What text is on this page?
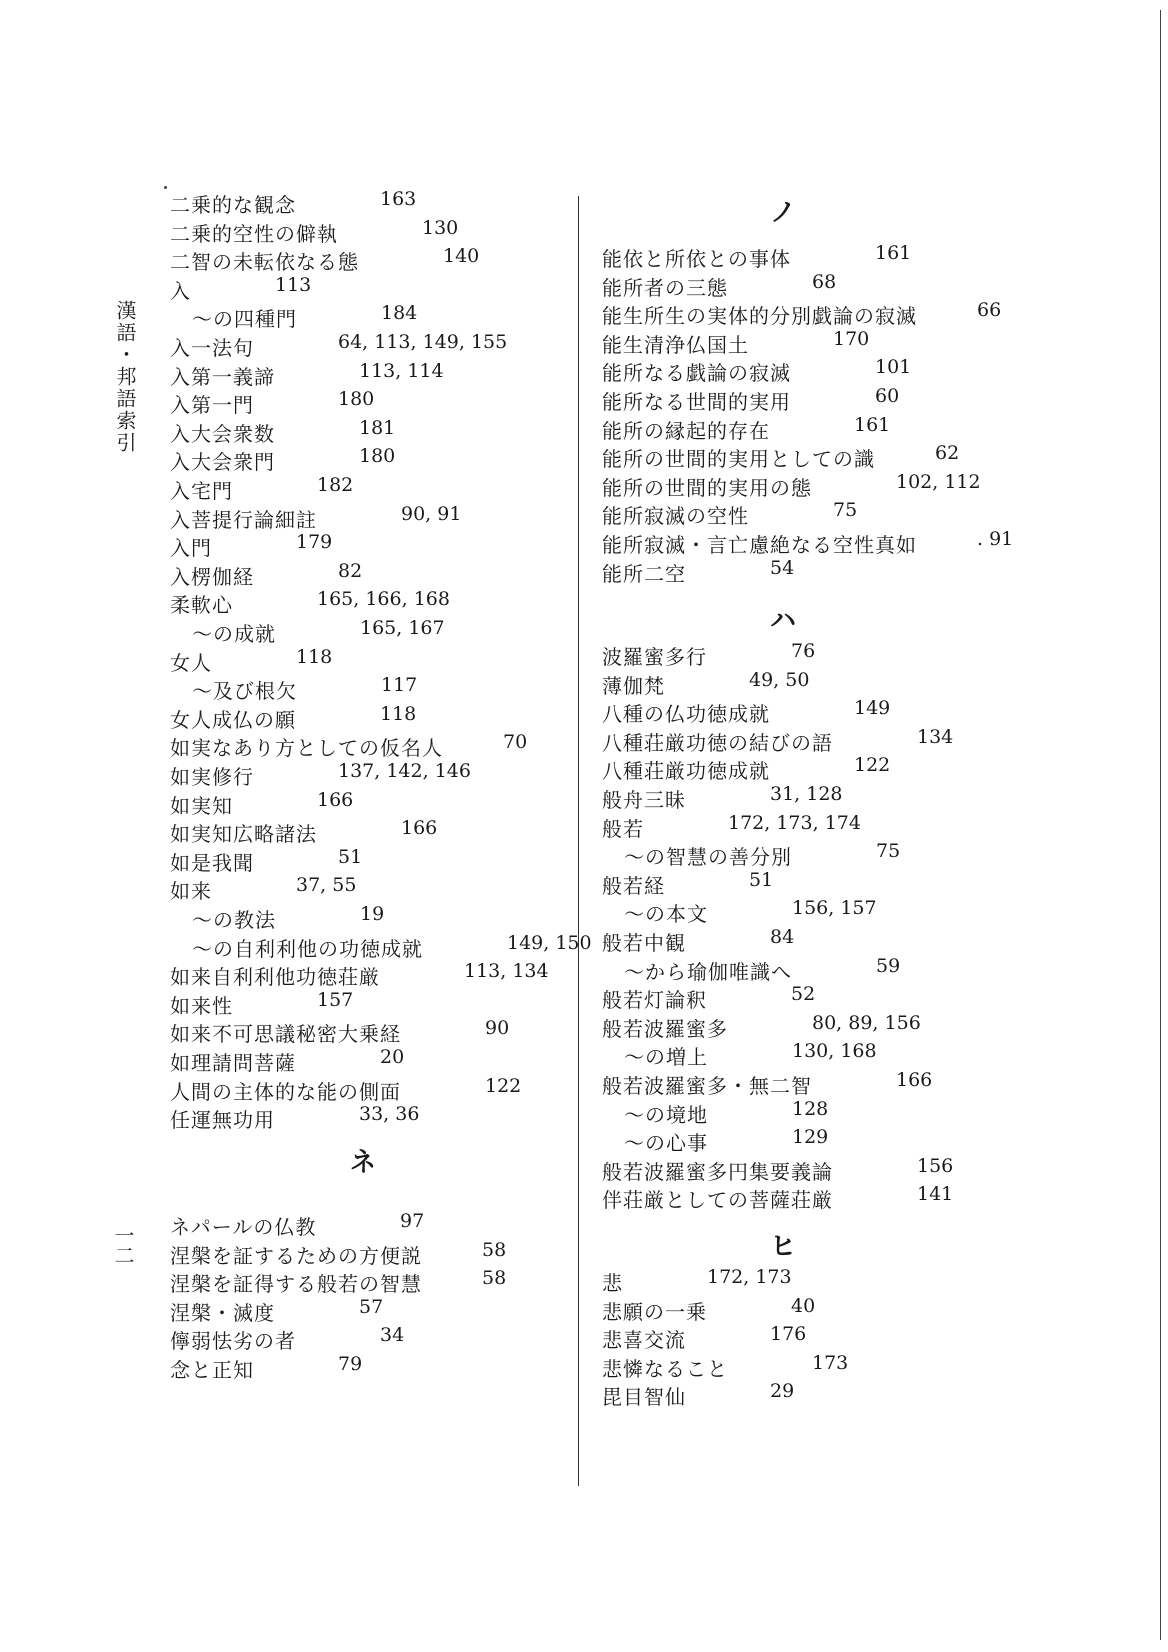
漢語・邦語索引
一二
ネ
二乗的な観念	163
二乗的空性の僻執	130
二智の未転依なる態	140
入	113
〜の四種門	184
入一法句	64, 113, 149, 155
入第一義諦	113, 114
入第一門	180
入大会衆数	181
入大会衆門	180
入宅門	182
入菩提行論細註	90, 91
入門	179
入楞伽経	82
柔軟心	165, 166, 168
〜の成就	165, 167
女人	118
〜及び根欠	117
女人成仏の願	118
如実なあり方としての仮名人	70
如実修行	137, 142, 146
如実知	166
如実知広略諸法	166
如是我聞	51
如来	37, 55
〜の教法	19
〜の自利利他の功徳成就	149, 150
如来自利利他功徳荘厳	113, 134
如来性	157
如来不可思議秘密大乗経	90
如理請問菩薩	20
人間の主体的な能の側面	122
任運無功用	33, 36
ネパールの仏教	97
涅槃を証するための方便説	58
涅槃を証得する般若の智慧	58
涅槃・滅度	57
儜弱怯劣の者	34
念と正知	79
ノ
ハ
ヒ
能依と所依との事体	161
能所者の三態	68
能生所生の実体的分別戯論の寂滅	66
能生清浄仏国土	170
能所なる戯論の寂滅	101
能所なる世間的実用	60
能所の縁起的存在	161
能所の世間的実用としての識	62
能所の世間的実用の態	102, 112
能所寂滅の空性	75
能所寂滅・言亡慮絶なる空性真如	. 91
能所二空	54
波羅蜜多行	76
薄伽梵	49, 50
八種の仏功徳成就	149
八種荘厳功徳の結びの語	134
八種荘厳功徳成就	122
般舟三昧	31, 128
般若	172, 173, 174
〜の智慧の善分別	75
般若経	51
〜の本文	156, 157
般若中観	84
〜から瑜伽唯識へ	59
般若灯論釈	52
般若波羅蜜多	80, 89, 156
〜の増上	130, 168
般若波羅蜜多・無二智	166
〜の境地	128
〜の心事	129
般若波羅蜜多円集要義論	156
伴荘厳としての菩薩荘厳	141
悲	172, 173
悲願の一乗	40
悲喜交流	176
悲憐なること	173
毘目智仙	29
